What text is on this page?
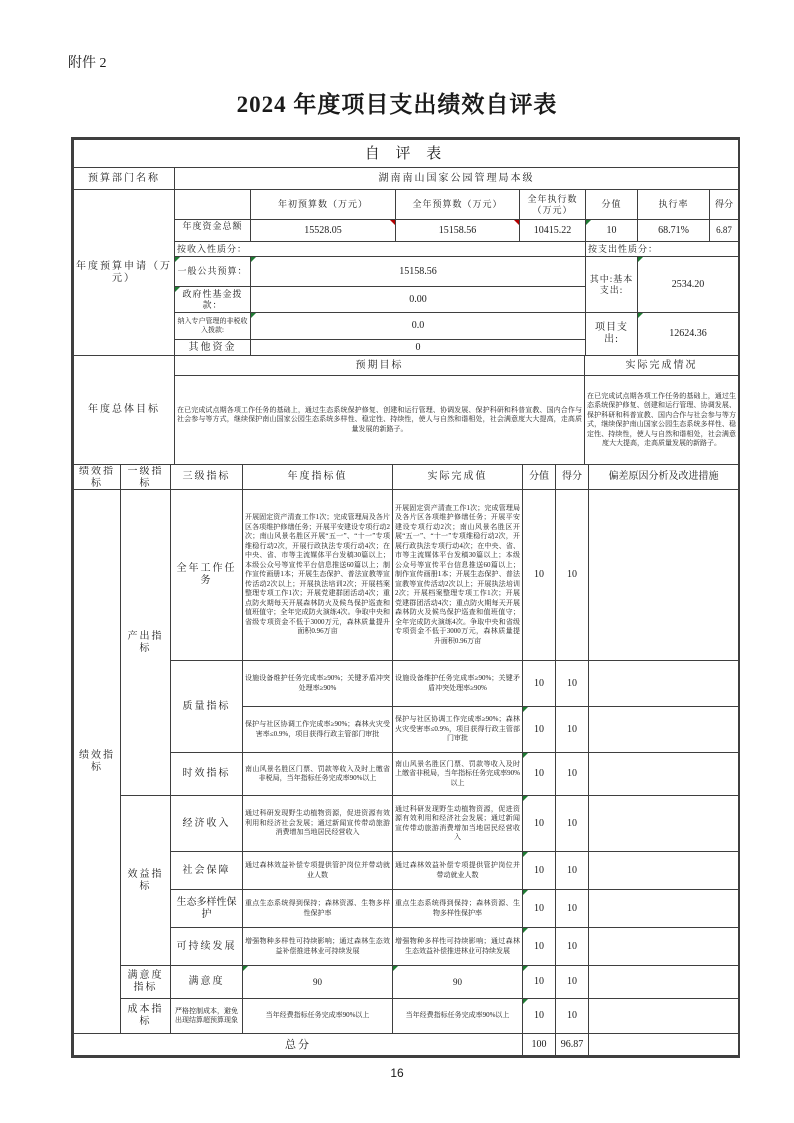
附件 2
2024 年度项目支出绩效自评表
自 评 表
预算部门名称	湖南南山国家公园管理局本级
年度预算申请（万元）		年初预算数（万元）	全年预算数（万元）	全年执行数（万元）	分值	执行率	得分

	年度资金总额	15528.05	15158.56	10415.22	10	68.71%	6.87
	按收入性质分：				按支出性质分：		

一般公共预算：	15158.56			其中:基本支出:	2534.20	

政府性基金拨款：	0.00					
	纳入专户管理的非税收入拨款:	0.0			项目支出:	12624.36	
	其他资金	0					
年度总体目标	预期目标	实际完成情况
	在已完成试点期各项工作任务的基础上，通过生态系统保护修复、创建和运行管理、协调发展、保护科研和科普宣教、国内合作与社会参与等方式，继续保护南山国家公园生态系统多样性、稳定性、持续性，使人与自然和谐相处，社会满意度大大提高，走高质量发展的新路子。	在已完成试点期各项工作任务的基础上，通过生态系统保护修复、创建和运行管理、协调发展、保护科研和科普宣教、国内合作与社会参与等方式，继续保护南山国家公园生态系统多样性、稳定性、持续性，使人与自然和谐相处，社会满意度大大提高，走高质量发展的新路子。
绩效指标	一级指标	三级指标	年度指标值	实际完成值	分值	得分	偏差原因分析及改进措施
绩效指标	产出指标	全年工作任务	开展固定资产清查工作1次；完成管理局及各片区各项维护修缮任务；开展平安建设专项行动2次；南山风景名胜区开展“五一”、“十一”专项维稳行动2次，开展行政执法专项行动4次；在中央、省、市等主流媒体平台发稿30篇以上；本级公众号等宣传平台信息推送60篇以上；制作宣传画册1本；开展生态保护、普法宣教等宣传活动2次以上；开展执法培训2次；开展档案整理专项工作1次；开展党建群团活动4次；重点防火期每天开展森林防火及候鸟保护巡查和值班值守；全年完成防火演练4次。争取中央和省级专项资金不低于3000万元，森林质量提升面积0.96万亩	开展固定资产清查工作1次；完成管理局及各片区各项维护修缮任务；开展平安建设专项行动2次；南山风景名胜区开展“五一”、“十一”专项维稳行动2次，开展行政执法专项行动4次；在中央、省、市等主流媒体平台发稿30篇以上；本级公众号等宣传平台信息推送60篇以上；制作宣传画册1本；开展生态保护、普法宣教等宣传活动2次以上；开展执法培训2次；开展档案整理专项工作1次；开展党建群团活动4次；重点防火期每天开展森林防火及候鸟保护巡查和值班值守；全年完成防火演练4次。争取中央和省级专项资金不低于3000万元，森林质量提升面积0.96万亩	10	10	
		质量指标	设施设备维护任务完成率≥90%；关键矛盾冲突处理率≥90%	设施设备维护任务完成率≥90%；关键矛盾冲突处理率≥90%	10	10	
			保护与社区协调工作完成率≥90%；森林火灾受害率≤0.9%，项目获得行政主管部门审批	保护与社区协调工作完成率≥90%；森林火灾受害率≤0.9%，项目获得行政主管部门审批	10	10	
		时效指标	南山风景名胜区门票、罚款等收入及时上缴省非税局，当年指标任务完成率90%以上	南山风景名胜区门票、罚款等收入及时上缴省非税局，当年指标任务完成率90%以上	10	10	
	效益指标	经济收入	通过科研发现野生动植物资源，促进资源有效利用和经济社会发展；通过新闻宣传带动旅游消费增加当地居民经营收入	通过科研发现野生动植物资源，促进资源有效利用和经济社会发展；通过新闻宣传带动旅游消费增加当地居民经营收入	10	10	
		社会保障	通过森林效益补偿专项提供管护岗位并带动就业人数	通过森林效益补偿专项提供管护岗位并带动就业人数	10	10	
		生态多样性保护	重点生态系统得到保持；森林资源、生物多样性保护率	重点生态系统得到保持；森林资源、生物多样性保护率	10	10	
		可持续发展	增强物种多样性可持续影响；通过森林生态效益补偿推进林业可持续发展	增强物种多样性可持续影响；通过森林生态效益补偿推进林业可持续发展	10	10	
	满意度指标	满意度	90	90	10	10	
	成本指标	严格控制成本，避免出现结算超预算现象	当年经费指标任务完成率90%以上	当年经费指标任务完成率90%以上	10	10	
总分					100	96.87	
16
